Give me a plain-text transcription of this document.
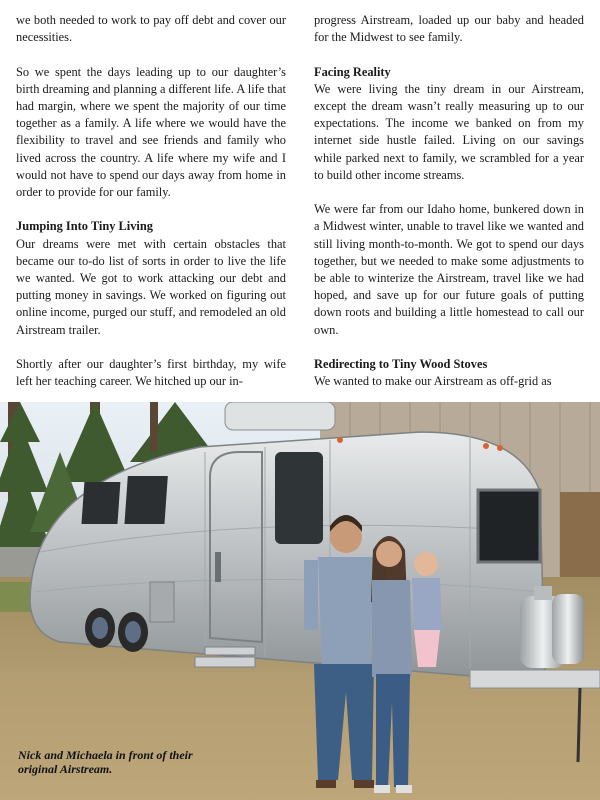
we both needed to work to pay off debt and cover our necessities.

So we spent the days leading up to our daughter’s birth dreaming and planning a different life. A life that had margin, where we spent the majority of our time together as a family. A life where we would have the flexibility to travel and see friends and family who lived across the country. A life where my wife and I would not have to spend our days away from home in order to provide for our family.

Jumping Into Tiny Living

Our dreams were met with certain obstacles that became our to-do list of sorts in order to live the life we wanted. We got to work attacking our debt and putting money in savings. We worked on figuring out online income, purged our stuff, and remodeled an old Airstream trailer.

Shortly after our daughter’s first birthday, my wife left her teaching career. We hitched up our in-

progress Airstream, loaded up our baby and headed for the Midwest to see family.

Facing Reality

We were living the tiny dream in our Airstream, except the dream wasn’t really measuring up to our expectations. The income we banked on from my internet side hustle failed. Living on our savings while parked next to family, we scrambled for a year to build other income streams.

We were far from our Idaho home, bunkered down in a Midwest winter, unable to travel like we wanted and still living month-to-month. We got to spend our days together, but we needed to make some adjustments to be able to winterize the Airstream, travel like we had hoped, and save up for our future goals of putting down roots and building a little homestead to call our own.

Redirecting to Tiny Wood Stoves

We wanted to make our Airstream as off-grid as

Nick and Michaela in front of their original Airstream.
